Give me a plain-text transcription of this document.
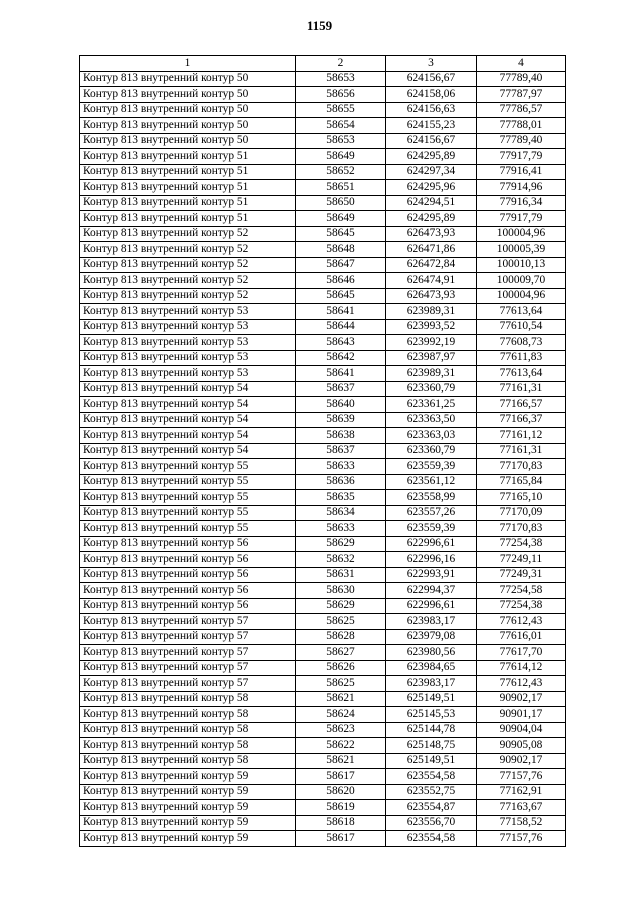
1159
1	2	3	4
Контур 813 внутренний контур 50	58653	624156,67	77789,40
Контур 813 внутренний контур 50	58656	624158,06	77787,97
Контур 813 внутренний контур 50	58655	624156,63	77786,57
Контур 813 внутренний контур 50	58654	624155,23	77788,01
Контур 813 внутренний контур 50	58653	624156,67	77789,40
Контур 813 внутренний контур 51	58649	624295,89	77917,79
Контур 813 внутренний контур 51	58652	624297,34	77916,41
Контур 813 внутренний контур 51	58651	624295,96	77914,96
Контур 813 внутренний контур 51	58650	624294,51	77916,34
Контур 813 внутренний контур 51	58649	624295,89	77917,79
Контур 813 внутренний контур 52	58645	626473,93	100004,96
Контур 813 внутренний контур 52	58648	626471,86	100005,39
Контур 813 внутренний контур 52	58647	626472,84	100010,13
Контур 813 внутренний контур 52	58646	626474,91	100009,70
Контур 813 внутренний контур 52	58645	626473,93	100004,96
Контур 813 внутренний контур 53	58641	623989,31	77613,64
Контур 813 внутренний контур 53	58644	623993,52	77610,54
Контур 813 внутренний контур 53	58643	623992,19	77608,73
Контур 813 внутренний контур 53	58642	623987,97	77611,83
Контур 813 внутренний контур 53	58641	623989,31	77613,64
Контур 813 внутренний контур 54	58637	623360,79	77161,31
Контур 813 внутренний контур 54	58640	623361,25	77166,57
Контур 813 внутренний контур 54	58639	623363,50	77166,37
Контур 813 внутренний контур 54	58638	623363,03	77161,12
Контур 813 внутренний контур 54	58637	623360,79	77161,31
Контур 813 внутренний контур 55	58633	623559,39	77170,83
Контур 813 внутренний контур 55	58636	623561,12	77165,84
Контур 813 внутренний контур 55	58635	623558,99	77165,10
Контур 813 внутренний контур 55	58634	623557,26	77170,09
Контур 813 внутренний контур 55	58633	623559,39	77170,83
Контур 813 внутренний контур 56	58629	622996,61	77254,38
Контур 813 внутренний контур 56	58632	622996,16	77249,11
Контур 813 внутренний контур 56	58631	622993,91	77249,31
Контур 813 внутренний контур 56	58630	622994,37	77254,58
Контур 813 внутренний контур 56	58629	622996,61	77254,38
Контур 813 внутренний контур 57	58625	623983,17	77612,43
Контур 813 внутренний контур 57	58628	623979,08	77616,01
Контур 813 внутренний контур 57	58627	623980,56	77617,70
Контур 813 внутренний контур 57	58626	623984,65	77614,12
Контур 813 внутренний контур 57	58625	623983,17	77612,43
Контур 813 внутренний контур 58	58621	625149,51	90902,17
Контур 813 внутренний контур 58	58624	625145,53	90901,17
Контур 813 внутренний контур 58	58623	625144,78	90904,04
Контур 813 внутренний контур 58	58622	625148,75	90905,08
Контур 813 внутренний контур 58	58621	625149,51	90902,17
Контур 813 внутренний контур 59	58617	623554,58	77157,76
Контур 813 внутренний контур 59	58620	623552,75	77162,91
Контур 813 внутренний контур 59	58619	623554,87	77163,67
Контур 813 внутренний контур 59	58618	623556,70	77158,52
Контур 813 внутренний контур 59	58617	623554,58	77157,76
